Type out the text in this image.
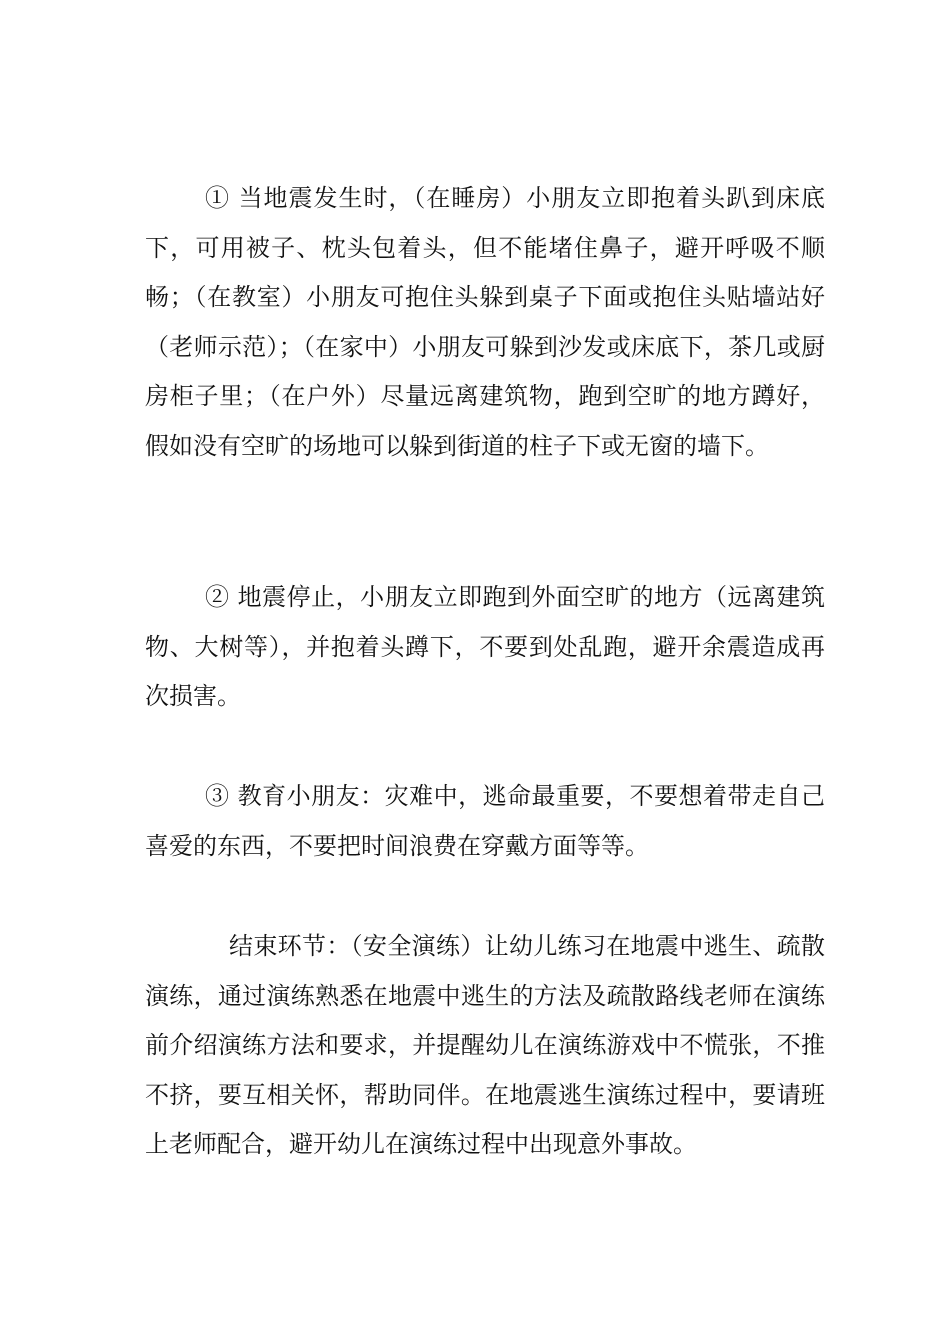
① 当地震发生时，（在睡房）小朋友立即抱着头趴到床底下，可用被子、枕头包着头，但不能堵住鼻子，避开呼吸不顺畅；（在教室）小朋友可抱住头躲到桌子下面或抱住头贴墙站好（老师示范）；（在家中）小朋友可躲到沙发或床底下，茶几或厨房柜子里；（在户外）尽量远离建筑物，跑到空旷的地方蹲好，假如没有空旷的场地可以躲到街道的柱子下或无窗的墙下。

② 地震停止，小朋友立即跑到外面空旷的地方（远离建筑物、大树等），并抱着头蹲下，不要到处乱跑，避开余震造成再次损害。

③ 教育小朋友：灾难中，逃命最重要，不要想着带走自己喜爱的东西，不要把时间浪费在穿戴方面等等。

结束环节：（安全演练）让幼儿练习在地震中逃生、疏散演练，通过演练熟悉在地震中逃生的方法及疏散路线老师在演练前介绍演练方法和要求，并提醒幼儿在演练游戏中不慌张，不推不挤，要互相关怀，帮助同伴。在地震逃生演练过程中，要请班上老师配合，避开幼儿在演练过程中出现意外事故。
